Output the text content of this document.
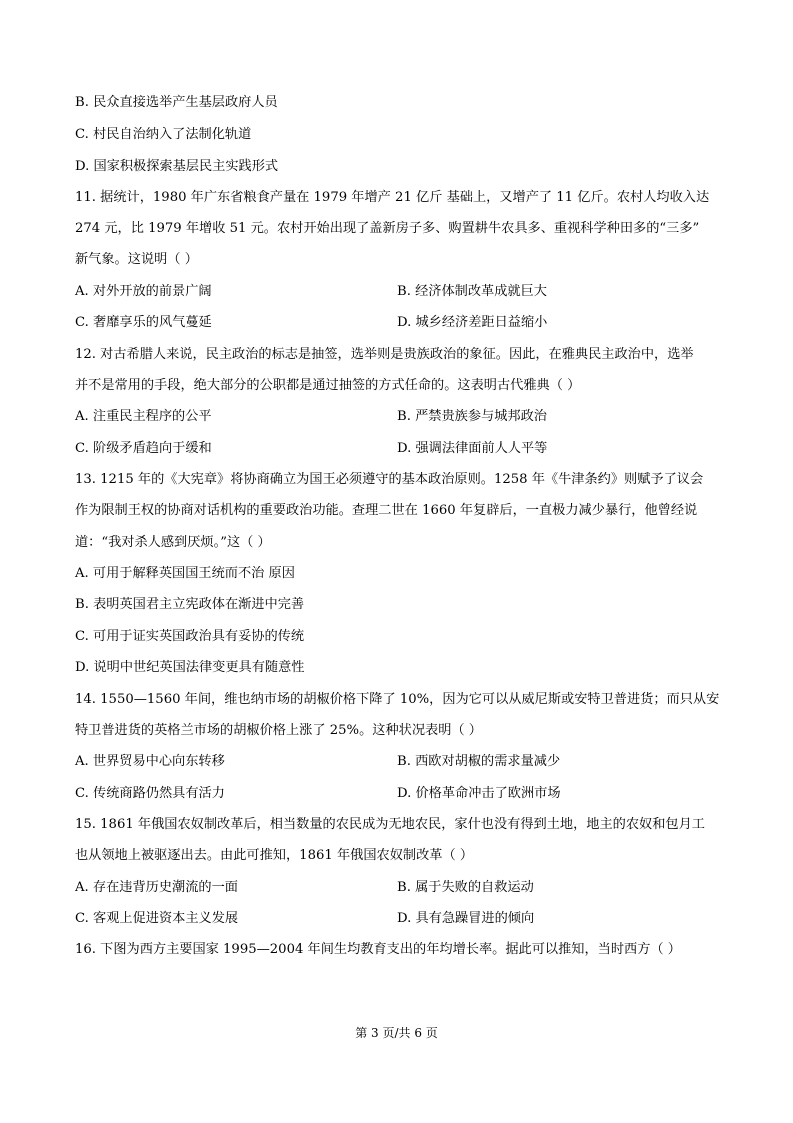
B. 民众直接选举产生基层政府人员
C. 村民自治纳入了法制化轨道
D. 国家积极探索基层民主实践形式
11. 据统计，1980 年广东省粮食产量在 1979 年增产 21 亿斤 基础上，又增产了 11 亿斤。农村人均收入达
274 元，比 1979 年增收 51 元。农村开始出现了盖新房子多、购置耕牛农具多、重视科学种田多的“三多”
新气象。这说明（ ）
A. 对外开放的前景广阔	B. 经济体制改革成就巨大
C. 奢靡享乐的风气蔓延	D. 城乡经济差距日益缩小
12. 对古希腊人来说，民主政治的标志是抽签，选举则是贵族政治的象征。因此，在雅典民主政治中，选举
并不是常用的手段，绝大部分的公职都是通过抽签的方式任命的。这表明古代雅典（ ）
A. 注重民主程序的公平	B. 严禁贵族参与城邦政治
C. 阶级矛盾趋向于缓和	D. 强调法律面前人人平等
13. 1215 年的《大宪章》将协商确立为国王必须遵守的基本政治原则。1258 年《牛津条约》则赋予了议会
作为限制王权的协商对话机构的重要政治功能。查理二世在 1660 年复辟后，一直极力减少暴行，他曾经说
道：“我对杀人感到厌烦。”这（ ）
A. 可用于解释英国国王统而不治 原因
B. 表明英国君主立宪政体在渐进中完善
C. 可用于证实英国政治具有妥协的传统
D. 说明中世纪英国法律变更具有随意性
14. 1550—1560 年间，维也纳市场的胡椒价格下降了 10%，因为它可以从威尼斯或安特卫普进货；而只从安
特卫普进货的英格兰市场的胡椒价格上涨了 25%。这种状况表明（ ）
A. 世界贸易中心向东转移	B. 西欧对胡椒的需求量减少
C. 传统商路仍然具有活力	D. 价格革命冲击了欧洲市场
15. 1861 年俄国农奴制改革后，相当数量的农民成为无地农民，家什也没有得到土地，地主的农奴和包月工
也从领地上被驱逐出去。由此可推知，1861 年俄国农奴制改革（ ）
A. 存在违背历史潮流的一面	B. 属于失败的自救运动
C. 客观上促进资本主义发展	D. 具有急躁冒进的倾向
16. 下图为西方主要国家 1995—2004 年间生均教育支出的年均增长率。据此可以推知，当时西方（ ）
第 3 页/共 6 页
